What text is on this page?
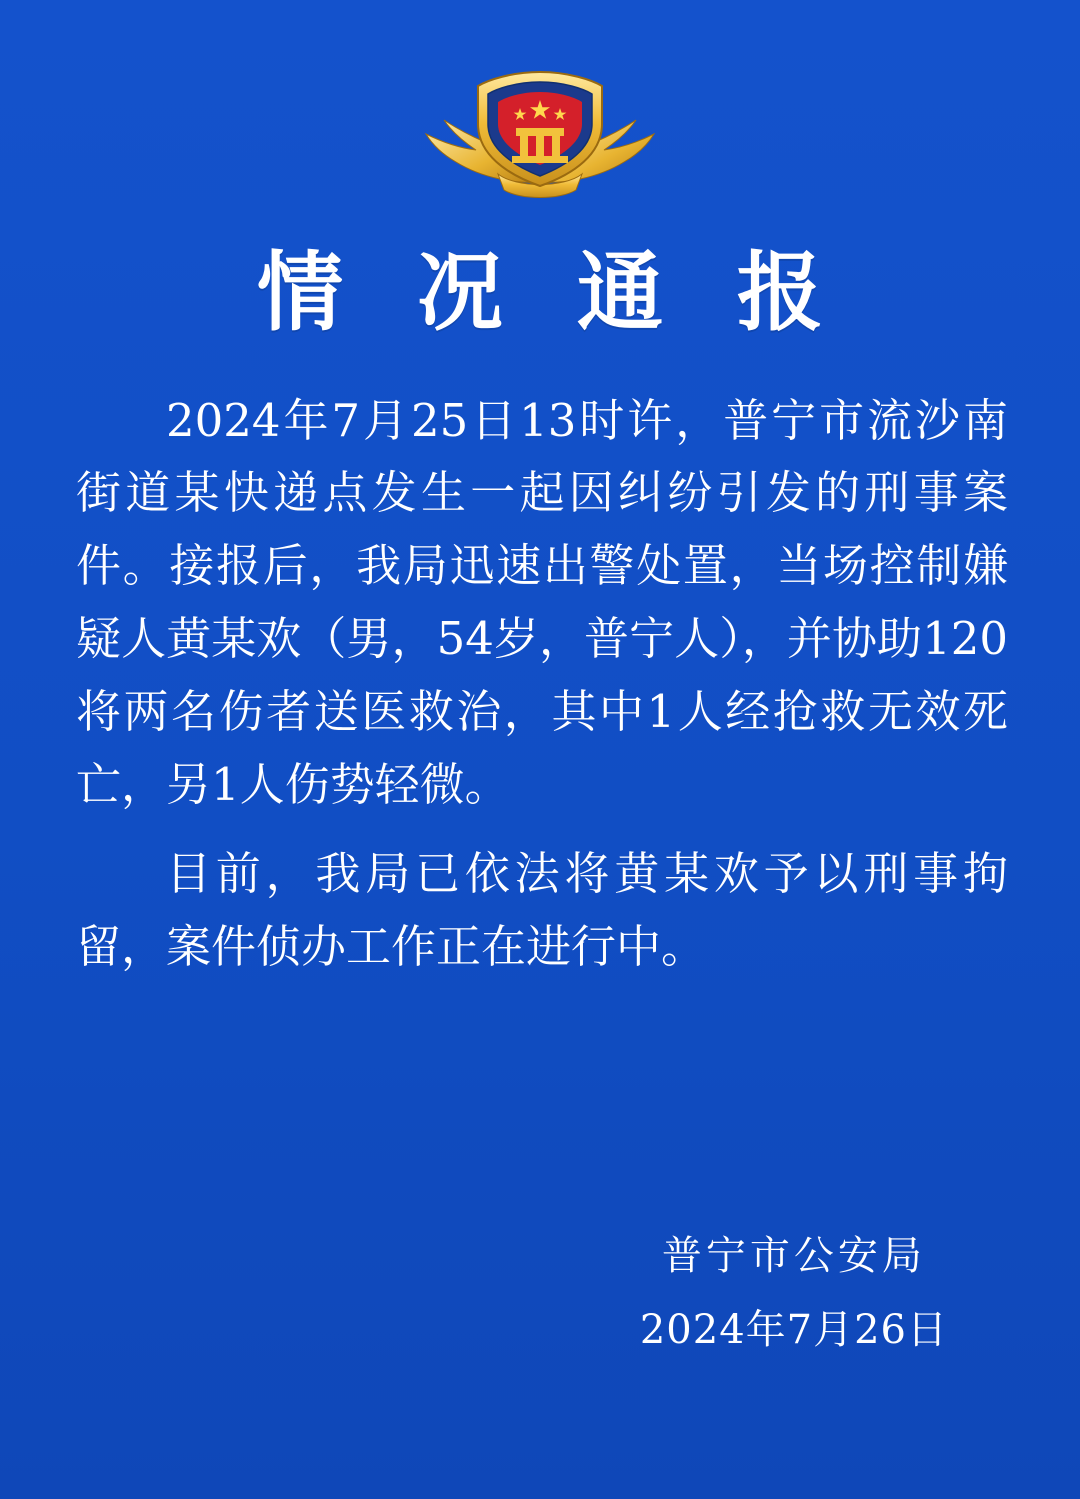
情 况 通 报

2024年7月25日13时许，普宁市流沙南街道某快递点发生一起因纠纷引发的刑事案件。接报后，我局迅速出警处置，当场控制嫌疑人黄某欢（男，54岁，普宁人），并协助120将两名伤者送医救治，其中1人经抢救无效死亡，另1人伤势轻微。

目前，我局已依法将黄某欢予以刑事拘留，案件侦办工作正在进行中。

普宁市公安局
2024年7月26日
